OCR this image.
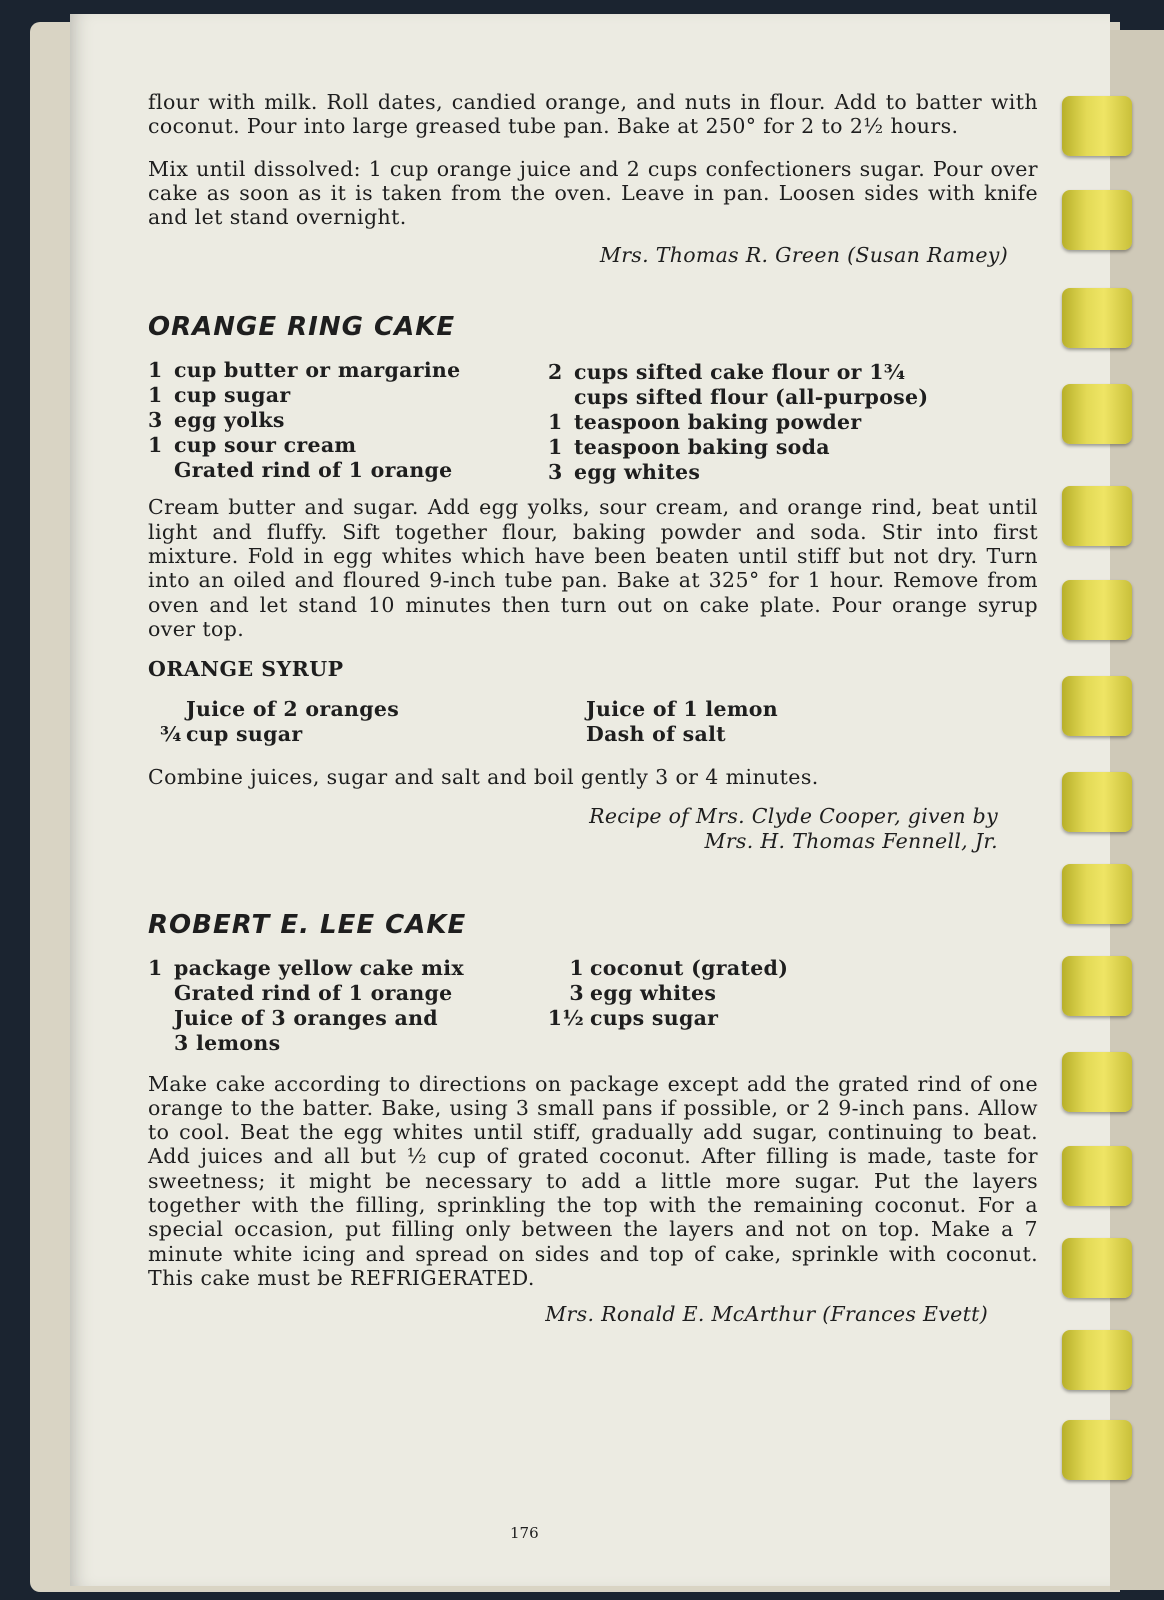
flour with milk. Roll dates, candied orange, and nuts in flour. Add to batter with coconut. Pour into large greased tube pan. Bake at 250° for 2 to 2½ hours.

Mix until dissolved: 1 cup orange juice and 2 cups confectioners sugar. Pour over cake as soon as it is taken from the oven. Leave in pan. Loosen sides with knife and let stand overnight.

Mrs. Thomas R. Green (Susan Ramey)

ORANGE RING CAKE
1 cup butter or margarine
1 cup sugar
3 egg yolks
1 cup sour cream
Grated rind of 1 orange
2 cups sifted cake flour or 1¾
cups sifted flour (all-purpose)
1 teaspoon baking powder
1 teaspoon baking soda
3 egg whites

Cream butter and sugar. Add egg yolks, sour cream, and orange rind, beat until light and fluffy. Sift together flour, baking powder and soda. Stir into first mixture. Fold in egg whites which have been beaten until stiff but not dry. Turn into an oiled and floured 9-inch tube pan. Bake at 325° for 1 hour. Remove from oven and let stand 10 minutes then turn out on cake plate. Pour orange syrup over top.

ORANGE SYRUP
Juice of 2 oranges
¾ cup sugar
Juice of 1 lemon
Dash of salt

Combine juices, sugar and salt and boil gently 3 or 4 minutes.

Recipe of Mrs. Clyde Cooper, given by

Mrs. H. Thomas Fennell, Jr.

ROBERT E. LEE CAKE
1 package yellow cake mix
Grated rind of 1 orange
Juice of 3 oranges and
3 lemons
1 coconut (grated)
3 egg whites
1½ cups sugar

Make cake according to directions on package except add the grated rind of one orange to the batter. Bake, using 3 small pans if possible, or 2 9-inch pans. Allow to cool. Beat the egg whites until stiff, gradually add sugar, continuing to beat. Add juices and all but ½ cup of grated coconut. After filling is made, taste for sweetness; it might be necessary to add a little more sugar. Put the layers together with the filling, sprinkling the top with the remaining coconut. For a special occasion, put filling only between the layers and not on top. Make a 7 minute white icing and spread on sides and top of cake, sprinkle with coconut. This cake must be REFRIGERATED.

Mrs. Ronald E. McArthur (Frances Evett)

176
